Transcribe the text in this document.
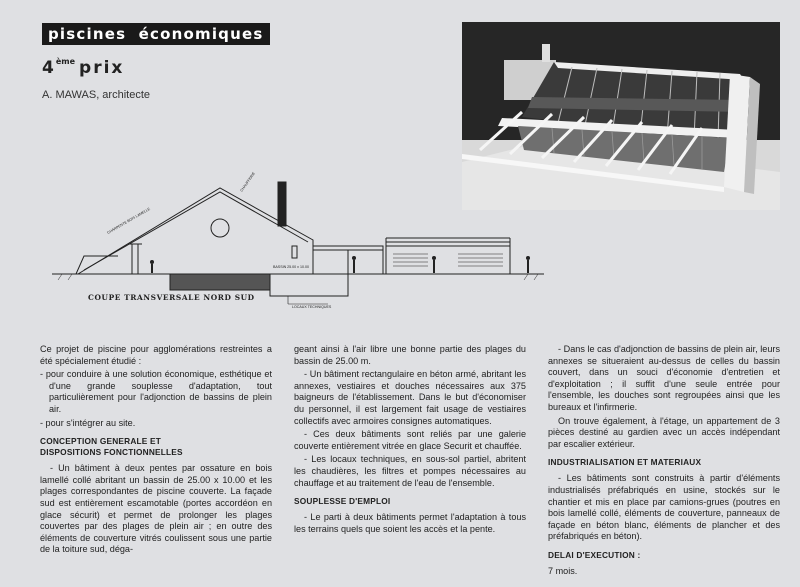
piscines économiques
4ème prix
A. MAWAS, architecte
CHARPENTE BOIS LAMELLE
CHAUFFERIE
BASSIN 25.00 x 10.00
LOCAUX TECHNIQUES
COUPE TRANSVERSALE NORD SUD

Ce projet de piscine pour agglomérations restreintes a été spécialement étudié :

- pour conduire à une solution économique, esthétique et d'une grande souplesse d'adaptation, tout particulièrement pour l'adjonction de bassins de plein air.

- pour s'intégrer au site.

CONCEPTION GENERALE ET
DISPOSITIONS FONCTIONNELLES

- Un bâtiment à deux pentes par ossature en bois lamellé collé abritant un bassin de 25.00 x 10.00 et les plages correspondantes de piscine couverte. La façade sud est entièrement escamotable (portes accordéon en glace sécurit) et permet de prolonger les plages couvertes par des plages de plein air ; en outre des éléments de couverture vitrés coulissent sous une partie de la toiture sud, déga-

geant ainsi à l'air libre une bonne partie des plages du bassin de 25.00 m.

- Un bâtiment rectangulaire en béton armé, abritant les annexes, vestiaires et douches nécessaires aux 375 baigneurs de l'établissement. Dans le but d'économiser du personnel, il est largement fait usage de vestiaires collectifs avec armoires consignes automatiques.

- Ces deux bâtiments sont reliés par une galerie couverte entièrement vitrée en glace Securit et chauffée.

- Les locaux techniques, en sous-sol partiel, abritent les chaudières, les filtres et pompes nécessaires au chauffage et au traitement de l'eau de l'ensemble.

SOUPLESSE D'EMPLOI

- Le parti à deux bâtiments permet l'adaptation à tous les terrains quels que soient les accès et la pente.

- Dans le cas d'adjonction de bassins de plein air, leurs annexes se situeraient au-dessus de celles du bassin couvert, dans un souci d'économie d'entretien et d'exploitation ; il suffit d'une seule entrée pour l'ensemble, les douches sont regroupées ainsi que les bureaux et l'infirmerie.

On trouve également, à l'étage, un appartement de 3 pièces destiné au gardien avec un accès indépendant par escalier extérieur.

INDUSTRIALISATION ET MATERIAUX

- Les bâtiments sont construits à partir d'éléments industrialisés préfabriqués en usine, stockés sur le chantier et mis en place par camions-grues (poutres en bois lamellé collé, éléments de couverture, panneaux de façade en béton blanc, éléments de plancher et des préfabriqués en béton).

DELAI D'EXECUTION :

7 mois.
